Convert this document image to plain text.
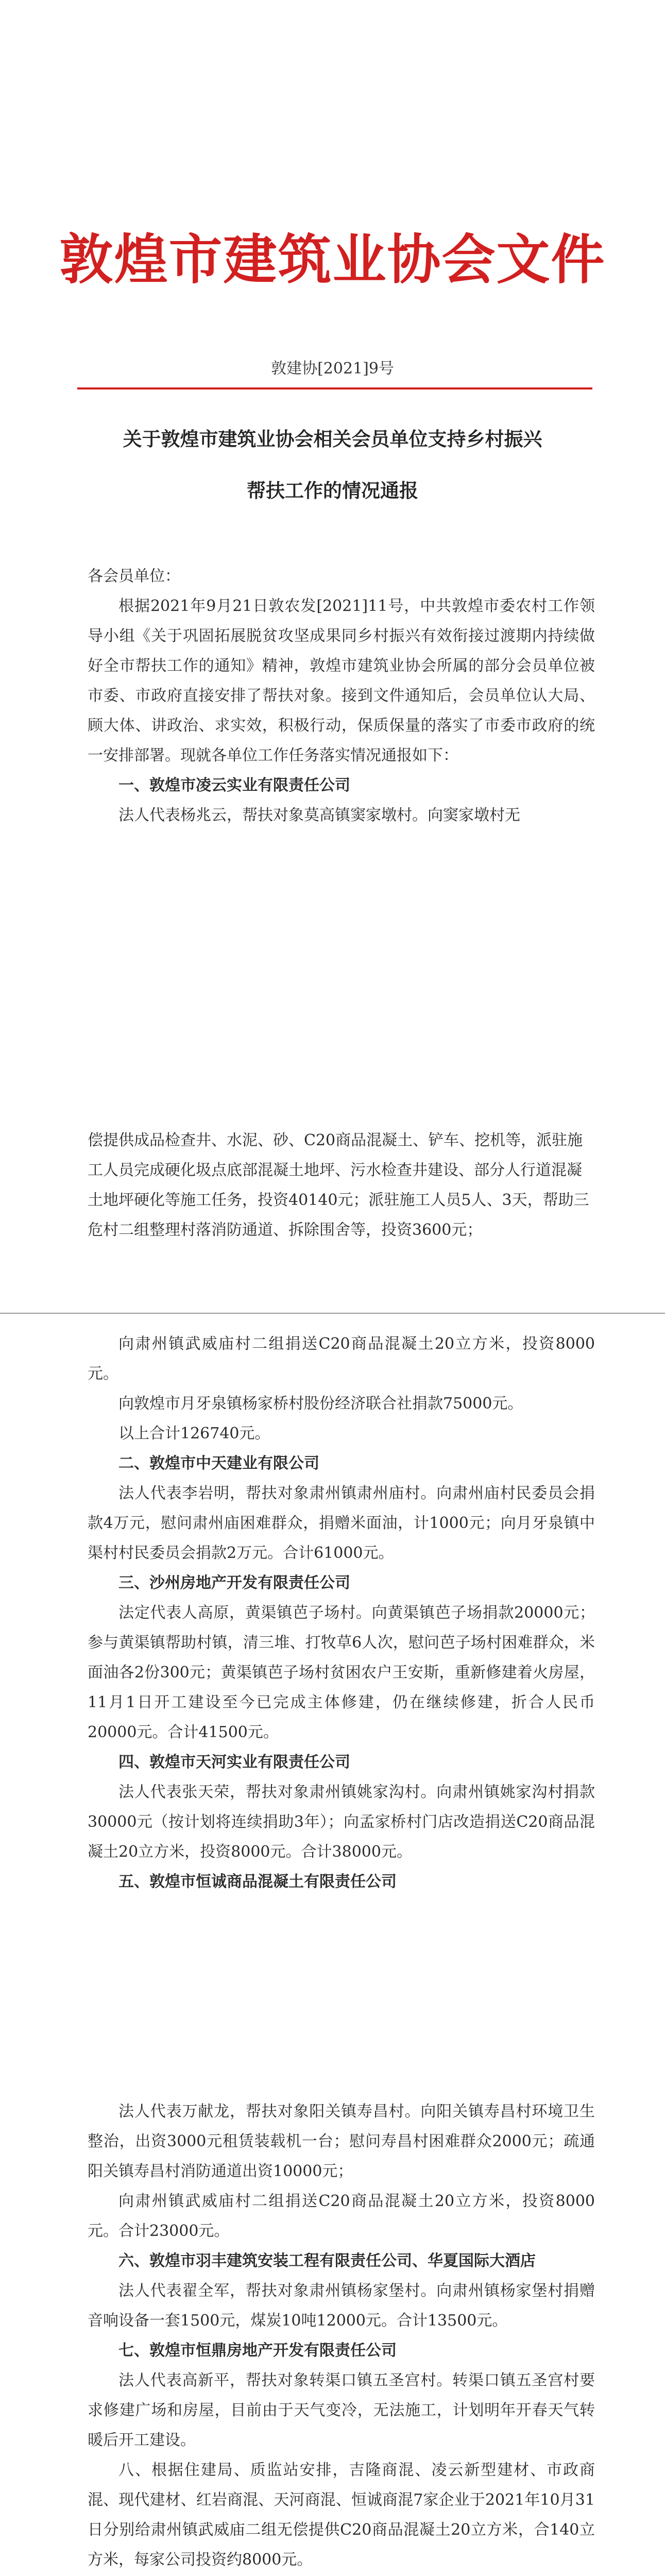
敦煌市建筑业协会文件
敦建协[2021]9号
关于敦煌市建筑业协会相关会员单位支持乡村振兴
帮扶工作的情况通报

各会员单位：

根据2021年9月21日敦农发[2021]11号，中共敦煌市委农村工作领导小组《关于巩固拓展脱贫攻坚成果同乡村振兴有效衔接过渡期内持续做好全市帮扶工作的通知》精神，敦煌市建筑业协会所属的部分会员单位被市委、市政府直接安排了帮扶对象。接到文件通知后，会员单位认大局、顾大体、讲政治、求实效，积极行动，保质保量的落实了市委市政府的统一安排部署。现就各单位工作任务落实情况通报如下：

一、敦煌市凌云实业有限责任公司

法人代表杨兆云，帮扶对象莫高镇窦家墩村。向窦家墩村无

偿提供成品检查井、水泥、砂、C20商品混凝土、铲车、挖机等，派驻施工人员完成硬化圾点底部混凝土地坪、污水检查井建设、部分人行道混凝土地坪硬化等施工任务，投资40140元；派驻施工人员5人、3天，帮助三危村二组整理村落消防通道、拆除围舍等，投资3600元；

向肃州镇武威庙村二组捐送C20商品混凝土20立方米，投资8000元。

向敦煌市月牙泉镇杨家桥村股份经济联合社捐款75000元。

以上合计126740元。

二、敦煌市中天建业有限公司

法人代表李岩明，帮扶对象肃州镇肃州庙村。向肃州庙村民委员会捐款4万元，慰问肃州庙困难群众，捐赠米面油，计1000元；向月牙泉镇中渠村村民委员会捐款2万元。合计61000元。

三、沙州房地产开发有限责任公司

法定代表人高原，黄渠镇芭子场村。向黄渠镇芭子场捐款20000元；参与黄渠镇帮助村镇，清三堆、打牧草6人次，慰问芭子场村困难群众，米面油各2份300元；黄渠镇芭子场村贫困农户王安斯，重新修建着火房屋，11月1日开工建设至今已完成主体修建，仍在继续修建，折合人民币20000元。合计41500元。

四、敦煌市天河实业有限责任公司

法人代表张天荣，帮扶对象肃州镇姚家沟村。向肃州镇姚家沟村捐款30000元（按计划将连续捐助3年）；向孟家桥村门店改造捐送C20商品混凝土20立方米，投资8000元。合计38000元。

五、敦煌市恒诚商品混凝土有限责任公司

法人代表万献龙，帮扶对象阳关镇寿昌村。向阳关镇寿昌村环境卫生整治，出资3000元租赁装载机一台；慰问寿昌村困难群众2000元；疏通阳关镇寿昌村消防通道出资10000元；

向肃州镇武威庙村二组捐送C20商品混凝土20立方米，投资8000元。合计23000元。

六、敦煌市羽丰建筑安装工程有限责任公司、华夏国际大酒店

法人代表翟全军，帮扶对象肃州镇杨家堡村。向肃州镇杨家堡村捐赠音响设备一套1500元，煤炭10吨12000元。合计13500元。

七、敦煌市恒鼎房地产开发有限责任公司

法人代表高新平，帮扶对象转渠口镇五圣宫村。转渠口镇五圣宫村要求修建广场和房屋，目前由于天气变冷，无法施工，计划明年开春天气转暖后开工建设。

八、根据住建局、质监站安排，吉隆商混、凌云新型建材、市政商混、现代建材、红岩商混、天河商混、恒诚商混7家企业于2021年10月31日分别给肃州镇武威庙二组无偿提供C20商品混凝土20立方米，合140立方米，每家公司投资约8000元。
